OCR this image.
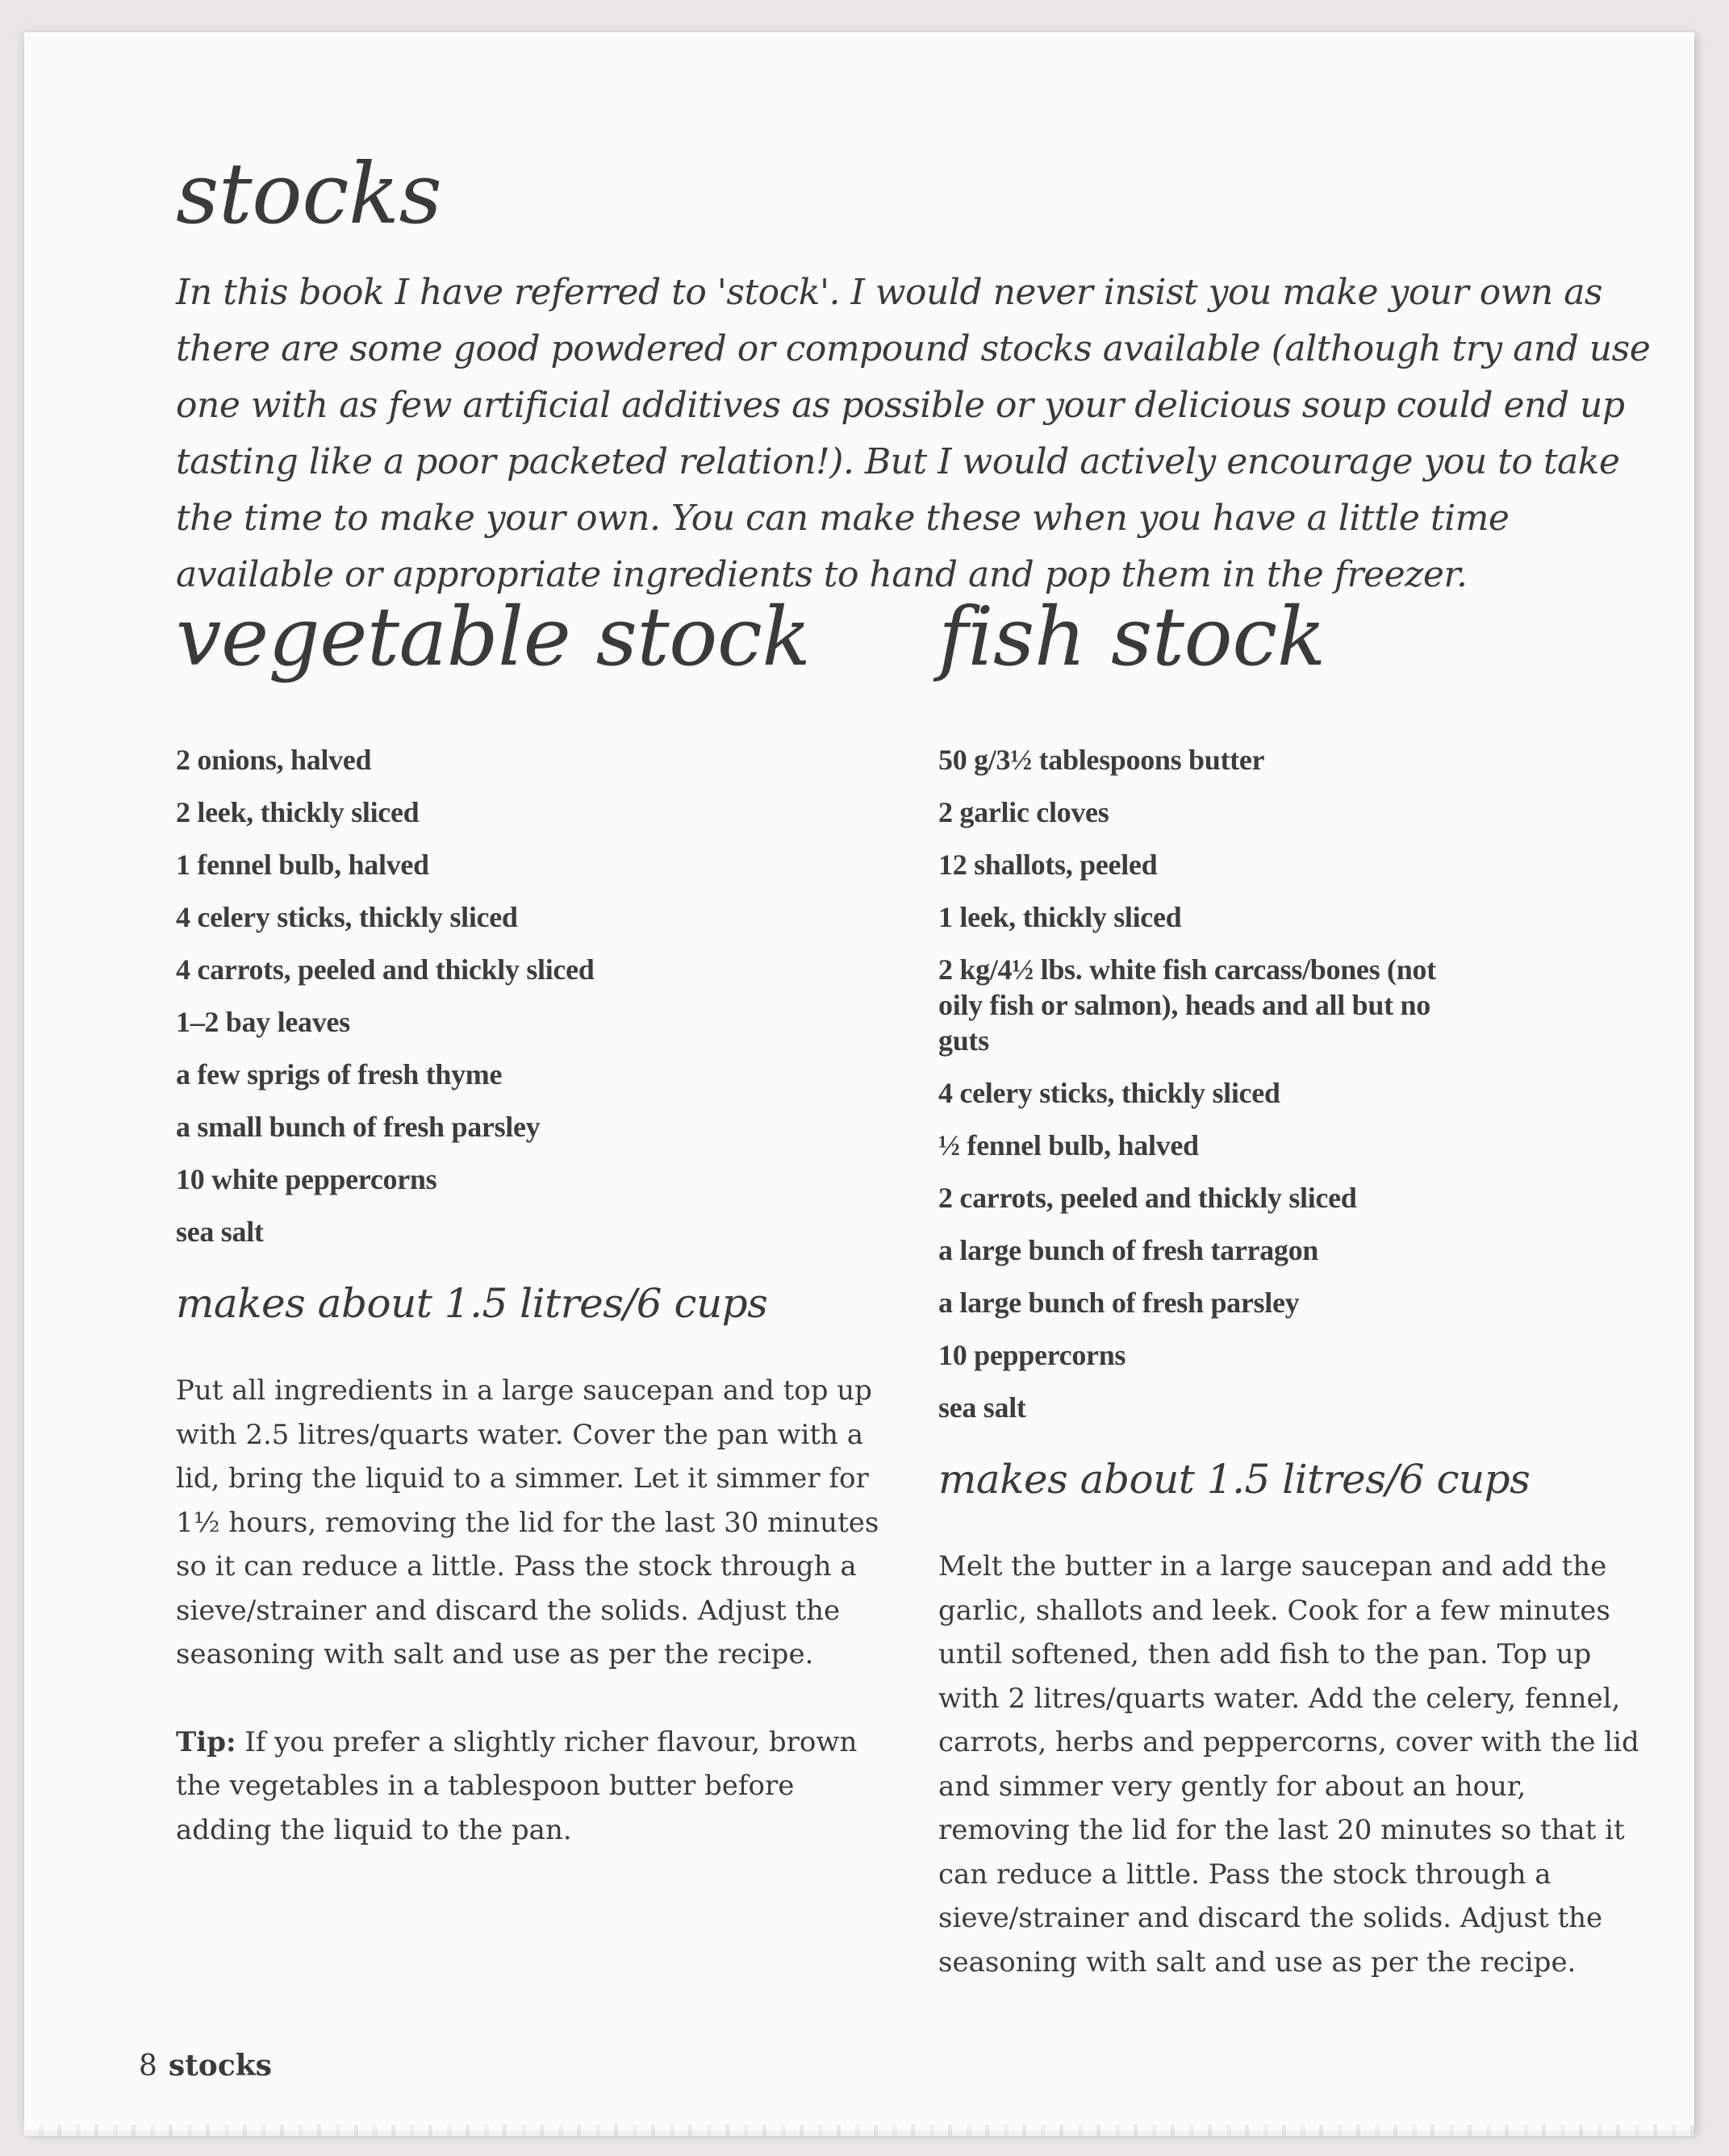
stocks

In this book I have referred to 'stock'. I would never insist you make your own as there are some good powdered or compound stocks available (although try and use one with as few artificial additives as possible or your delicious soup could end up tasting like a poor packeted relation!). But I would actively encourage you to take the time to make your own. You can make these when you have a little time available or appropriate ingredients to hand and pop them in the freezer.

vegetable stock
2 onions, halved
2 leek, thickly sliced
1 fennel bulb, halved
4 celery sticks, thickly sliced
4 carrots, peeled and thickly sliced
1–2 bay leaves
a few sprigs of fresh thyme
a small bunch of fresh parsley
10 white peppercorns
sea salt
makes about 1.5 litres/6 cups

Put all ingredients in a large saucepan and top up with 2.5 litres/quarts water. Cover the pan with a lid, bring the liquid to a simmer. Let it simmer for 1½ hours, removing the lid for the last 30 minutes so it can reduce a little. Pass the stock through a sieve/strainer and discard the solids. Adjust the seasoning with salt and use as per the recipe.

Tip: If you prefer a slightly richer flavour, brown the vegetables in a tablespoon butter before adding the liquid to the pan.

fish stock
50 g/3½ tablespoons butter
2 garlic cloves
12 shallots, peeled
1 leek, thickly sliced
2 kg/4½ lbs. white fish carcass/bones (not oily fish or salmon), heads and all but no guts
4 celery sticks, thickly sliced
½ fennel bulb, halved
2 carrots, peeled and thickly sliced
a large bunch of fresh tarragon
a large bunch of fresh parsley
10 peppercorns
sea salt
makes about 1.5 litres/6 cups

Melt the butter in a large saucepan and add the garlic, shallots and leek. Cook for a few minutes until softened, then add fish to the pan. Top up with 2 litres/quarts water. Add the celery, fennel, carrots, herbs and peppercorns, cover with the lid and simmer very gently for about an hour, removing the lid for the last 20 minutes so that it can reduce a little. Pass the stock through a sieve/strainer and discard the solids. Adjust the seasoning with salt and use as per the recipe.

8 stocks
